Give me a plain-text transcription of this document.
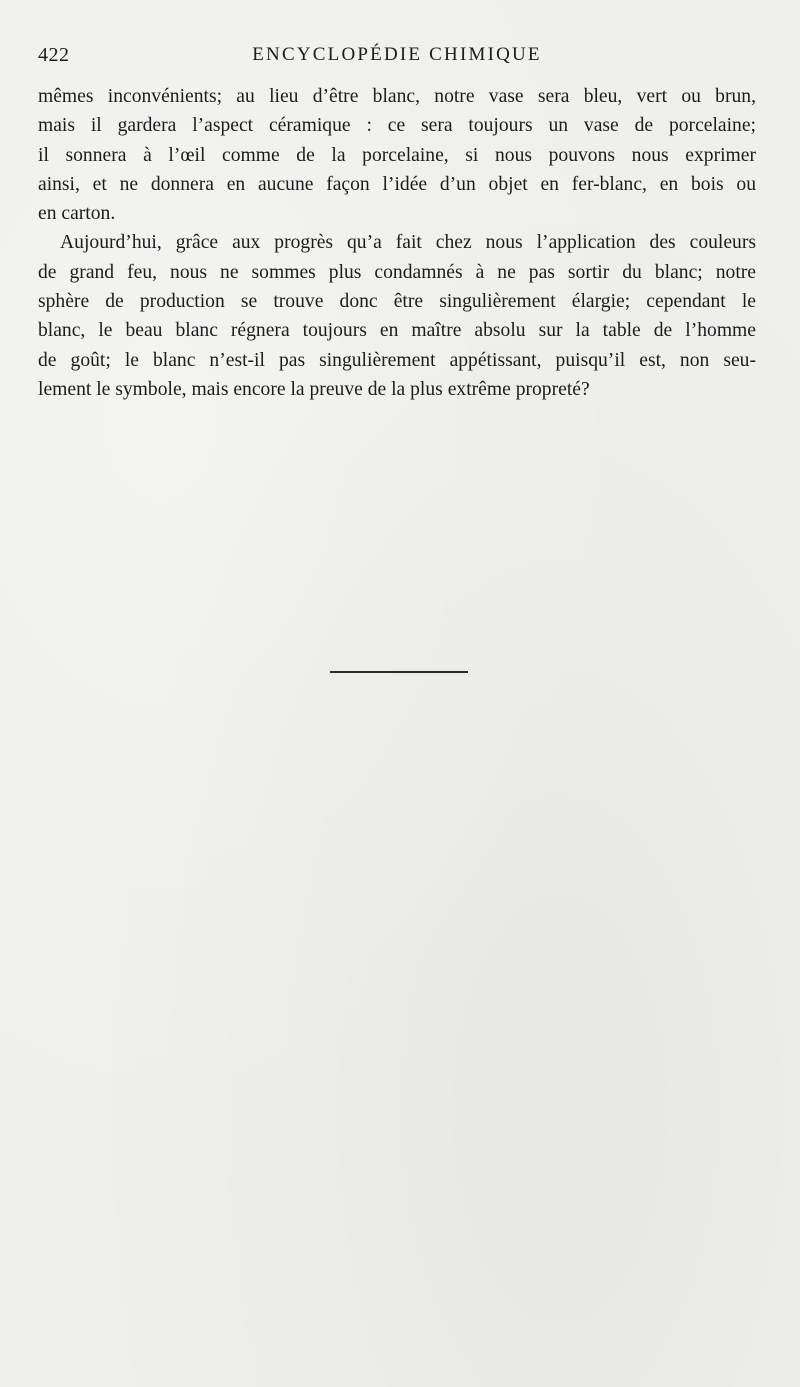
422	ENCYCLOPÉDIE CHIMIQUE
mêmes inconvénients; au lieu d’être blanc, notre vase sera bleu, vert ou brun,
mais il gardera l’aspect céramique : ce sera toujours un vase de porcelaine;
il sonnera à l’œil comme de la porcelaine, si nous pouvons nous exprimer
ainsi, et ne donnera en aucune façon l’idée d’un objet en fer-blanc, en bois ou
en carton.
Aujourd’hui, grâce aux progrès qu’a fait chez nous l’application des couleurs
de grand feu, nous ne sommes plus condamnés à ne pas sortir du blanc; notre
sphère de production se trouve donc être singulièrement élargie; cependant le
blanc, le beau blanc régnera toujours en maître absolu sur la table de l’homme
de goût; le blanc n’est-il pas singulièrement appétissant, puisqu’il est, non seu-
lement le symbole, mais encore la preuve de la plus extrême propreté?
